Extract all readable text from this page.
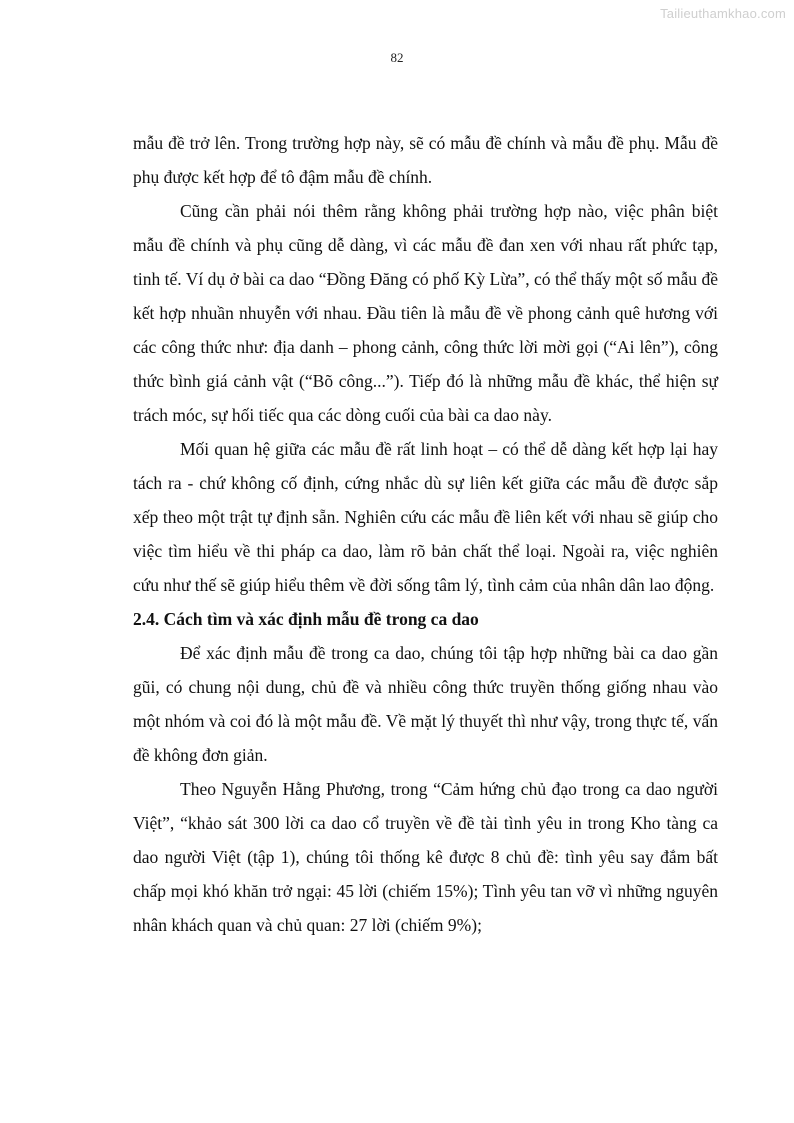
Tailieuthamkhao.com
82

mẫu đề trở lên. Trong trường hợp này, sẽ có mẫu đề chính và mẫu đề phụ. Mẫu đề phụ được kết hợp để tô đậm mẫu đề chính.

Cũng cần phải nói thêm rằng không phải trường hợp nào, việc phân biệt mẫu đề chính và phụ cũng dễ dàng, vì các mẫu đề đan xen với nhau rất phức tạp, tinh tế. Ví dụ ở bài ca dao “Đồng Đăng có phố Kỳ Lừa”, có thể thấy một số mẫu đề kết hợp nhuần nhuyễn với nhau. Đầu tiên là mẫu đề về phong cảnh quê hương với các công thức như: địa danh – phong cảnh, công thức lời mời gọi (“Ai lên”), công thức bình giá cảnh vật (“Bõ công...”). Tiếp đó là những mẫu đề khác, thể hiện sự trách móc, sự hối tiếc qua các dòng cuối của bài ca dao này.

Mối quan hệ giữa các mẫu đề rất linh hoạt – có thể dễ dàng kết hợp lại hay tách ra - chứ không cố định, cứng nhắc dù sự liên kết giữa các mẫu đề được sắp xếp theo một trật tự định sẵn. Nghiên cứu các mẫu đề liên kết với nhau sẽ giúp cho việc tìm hiểu về thi pháp ca dao, làm rõ bản chất thể loại. Ngoài ra, việc nghiên cứu như thế sẽ giúp hiểu thêm về đời sống tâm lý, tình cảm của nhân dân lao động.

2.4. Cách tìm và xác định mẫu đề trong ca dao

Để xác định mẫu đề trong ca dao, chúng tôi tập hợp những bài ca dao gần gũi, có chung nội dung, chủ đề và nhiều công thức truyền thống giống nhau vào một nhóm và coi đó là một mẫu đề. Về mặt lý thuyết thì như vậy, trong thực tế, vấn đề không đơn giản.

Theo Nguyễn Hằng Phương, trong “Cảm hứng chủ đạo trong ca dao người Việt”, “khảo sát 300 lời ca dao cổ truyền về đề tài tình yêu in trong Kho tàng ca dao người Việt (tập 1), chúng tôi thống kê được 8 chủ đề: tình yêu say đắm bất chấp mọi khó khăn trở ngại: 45 lời (chiếm 15%); Tình yêu tan vỡ vì những nguyên nhân khách quan và chủ quan: 27 lời (chiếm 9%);
